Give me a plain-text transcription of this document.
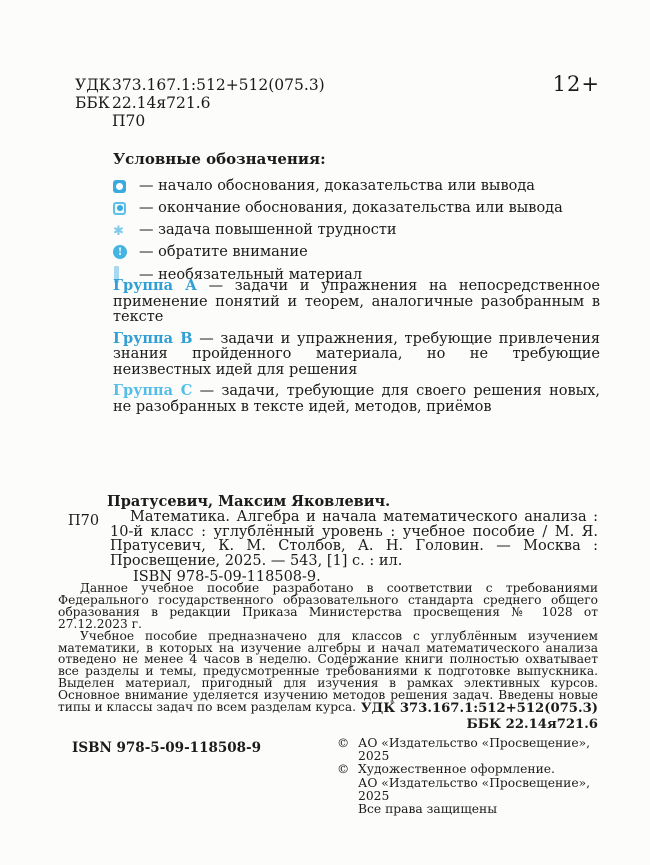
УДК 373.167.1:512+512(075.3)
ББК 22.14я721.6
П70
12+

Условные обозначения:

— начало обоснования, доказательства или вывода
— окончание обоснования, доказательства или вывода
✱
— задача повышенной трудности
!
— обратите внимание
— необязательный материал

Группа А — задачи и упражнения на непосредственное применение понятий и теорем, аналогичные разобранным в тексте

Группа В — задачи и упражнения, требующие привлечения знания пройденного материала, но не требующие неизвестных идей для решения

Группа С — задачи, требующие для своего решения новых, не разобранных в тексте идей, методов, приёмов

П70

Пратусевич, Максим Яковлевич.

Математика. Алгебра и начала математического анализа : 10-й класс : углублённый уровень : учебное пособие / М. Я. Пратусевич, К. М. Столбов, А. Н. Головин. — Москва : Просвещение, 2025. — 543, [1] с. : ил.

ISBN 978-5-09-118508-9.

Данное учебное пособие разработано в соответствии с требованиями Федерального государственного образовательного стандарта среднего общего образования в редакции Приказа Министерства просвещения № 1028 от 27.12.2023 г.

Учебное пособие предназначено для классов с углублённым изучением математики, в которых на изучение алгебры и начал математического анализа отведено не менее 4 часов в неделю. Содержание книги полностью охватывает все разделы и темы, предусмотренные требованиями к подготовке выпускника. Выделен материал, пригодный для изучения в рамках элективных курсов. Основное внимание уделяется изучению методов решения задач. Введены новые типы и классы задач по всем разделам курса. УДК 373.167.1:512+512(075.3)
ББК 22.14я721.6
ISBN 978-5-09-118508-9	© АО «Издательство «Просвещение», 2025
© Художественное оформление.
АО «Издательство «Просвещение», 2025
Все права защищены
